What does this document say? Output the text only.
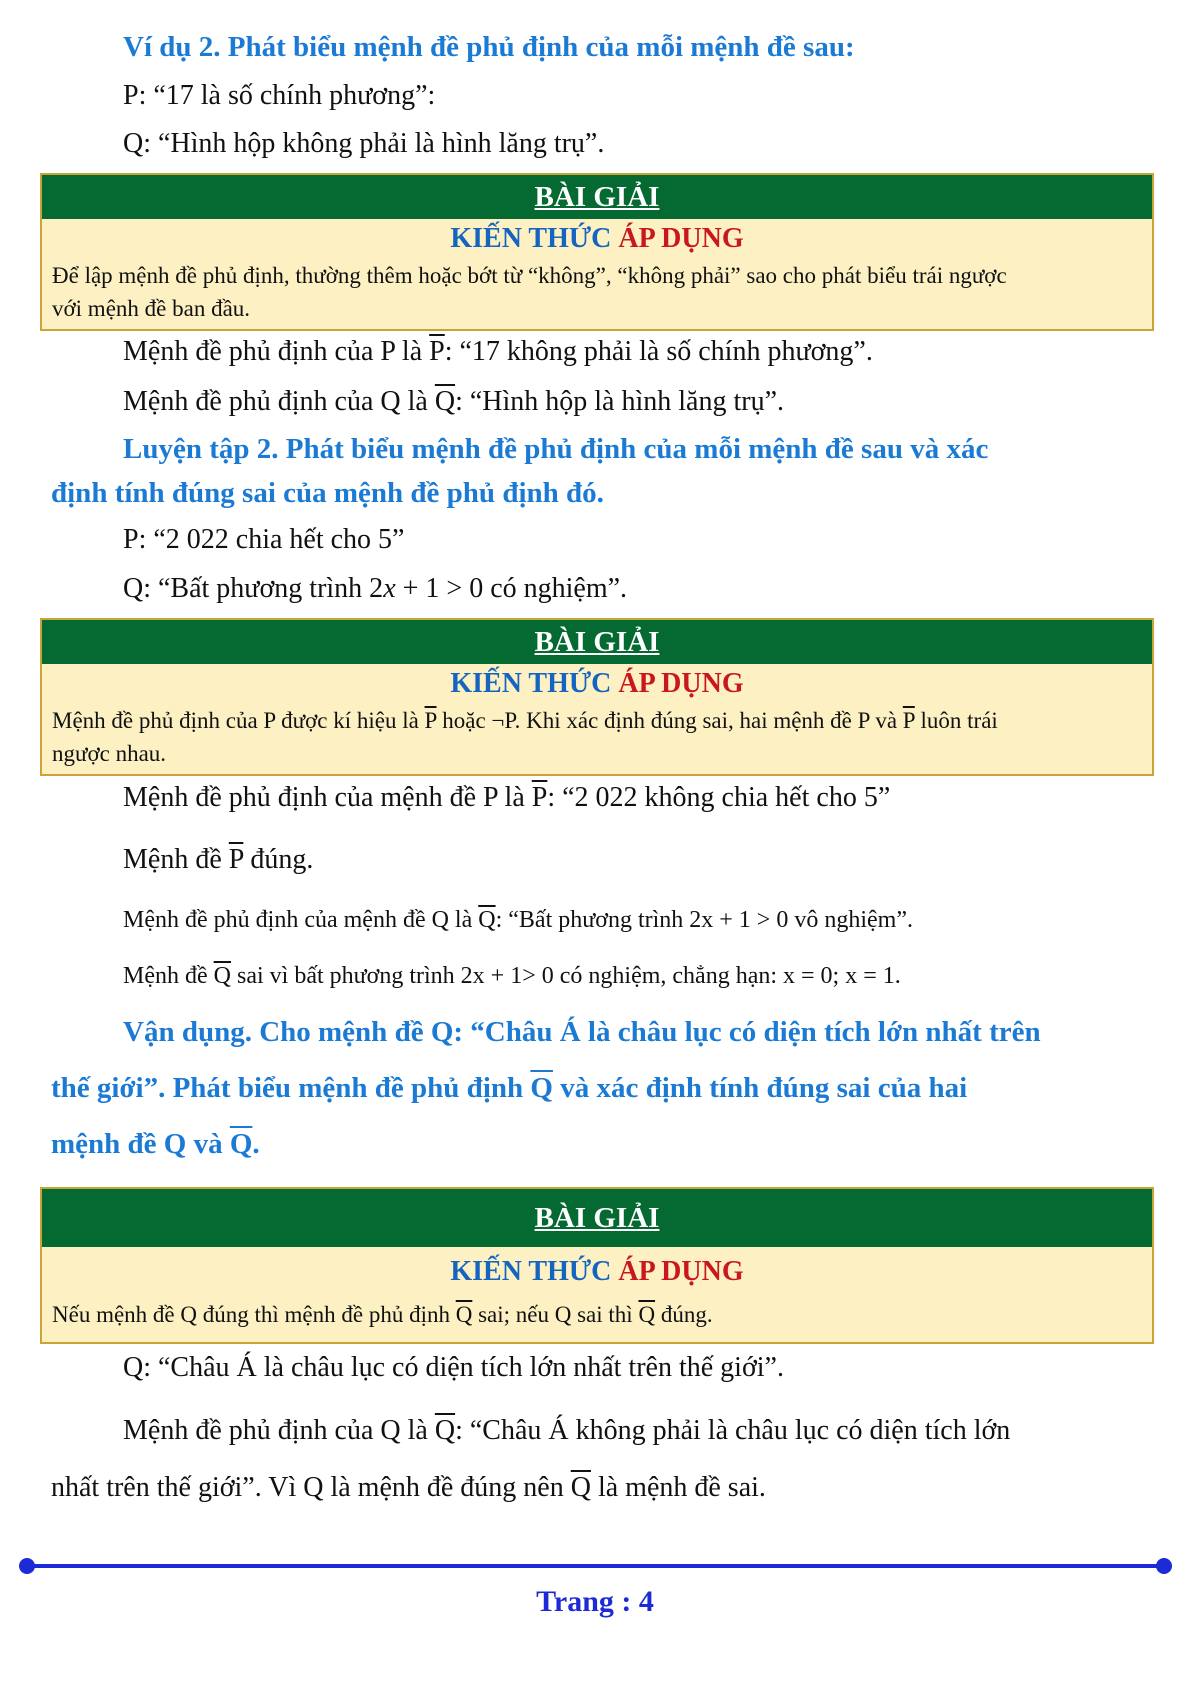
Ví dụ 2. Phát biểu mệnh đề phủ định của mỗi mệnh đề sau:
P: “17 là số chính phương”:
Q: “Hình hộp không phải là hình lăng trụ”.
BÀI GIẢI
KIẾN THỨC ÁP DỤNG
Để lập mệnh đề phủ định, thường thêm hoặc bớt từ “không”, “không phải” sao cho phát biểu trái ngược
với mệnh đề ban đầu.
Mệnh đề phủ định của P là $\overline{P}$: “17 không phải là số chính phương”.
Mệnh đề phủ định của Q là $\overline{Q}$: “Hình hộp là hình lăng trụ”.
Luyện tập 2. Phát biểu mệnh đề phủ định của mỗi mệnh đề sau và xác
định tính đúng sai của mệnh đề phủ định đó.
P: “2 022 chia hết cho 5”
Q: “Bất phương trình 2x + 1 > 0 có nghiệm”.
BÀI GIẢI
KIẾN THỨC ÁP DỤNG
Mệnh đề phủ định của P được kí hiệu là $\overline{P}$ hoặc ¬P. Khi xác định đúng sai, hai mệnh đề P và $\overline{P}$ luôn trái
ngược nhau.
Mệnh đề phủ định của mệnh đề P là $\overline{P}$: “2 022 không chia hết cho 5”
Mệnh đề $\overline{P}$ đúng.
Mệnh đề phủ định của mệnh đề Q là $\overline{Q}$: “Bất phương trình 2x + 1 > 0 vô nghiệm”.
Mệnh đề $\overline{Q}$ sai vì bất phương trình 2x + 1> 0 có nghiệm, chẳng hạn: x = 0; x = 1.
Vận dụng. Cho mệnh đề Q: “Châu Á là châu lục có diện tích lớn nhất trên
thế giới”. Phát biểu mệnh đề phủ định $\overline{Q}$ và xác định tính đúng sai của hai
mệnh đề Q và $\overline{Q}$.
BÀI GIẢI
KIẾN THỨC ÁP DỤNG
Nếu mệnh đề Q đúng thì mệnh đề phủ định $\overline{Q}$ sai; nếu Q sai thì $\overline{Q}$ đúng.
Q: “Châu Á là châu lục có diện tích lớn nhất trên thế giới”.
Mệnh đề phủ định của Q là $\overline{Q}$: “Châu Á không phải là châu lục có diện tích lớn
nhất trên thế giới”. Vì Q là mệnh đề đúng nên $\overline{Q}$ là mệnh đề sai.
Trang : 4
